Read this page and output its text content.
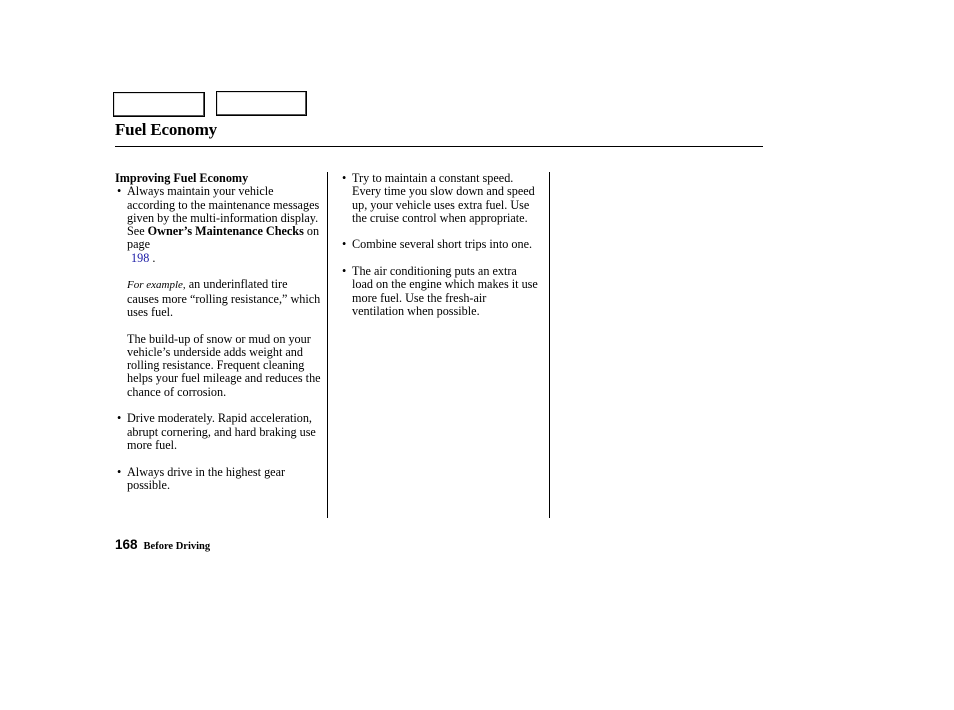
Fuel Economy

Improving Fuel Economy

• Always maintain your vehicle according to the maintenance messages given by the multi-information display. See Owner’s Maintenance Checks on page
198 .

For example, an underinflated tire causes more “rolling resistance,” which uses fuel.

The build-up of snow or mud on your vehicle’s underside adds weight and rolling resistance. Frequent cleaning helps your fuel mileage and reduces the chance of corrosion.

• Drive moderately. Rapid acceleration, abrupt cornering, and hard braking use more fuel.

• Always drive in the highest gear possible.

• Try to maintain a constant speed. Every time you slow down and speed up, your vehicle uses extra fuel. Use the cruise control when appropriate.

• Combine several short trips into one.

• The air conditioning puts an extra load on the engine which makes it use more fuel. Use the fresh-air ventilation when possible.

168 Before Driving
